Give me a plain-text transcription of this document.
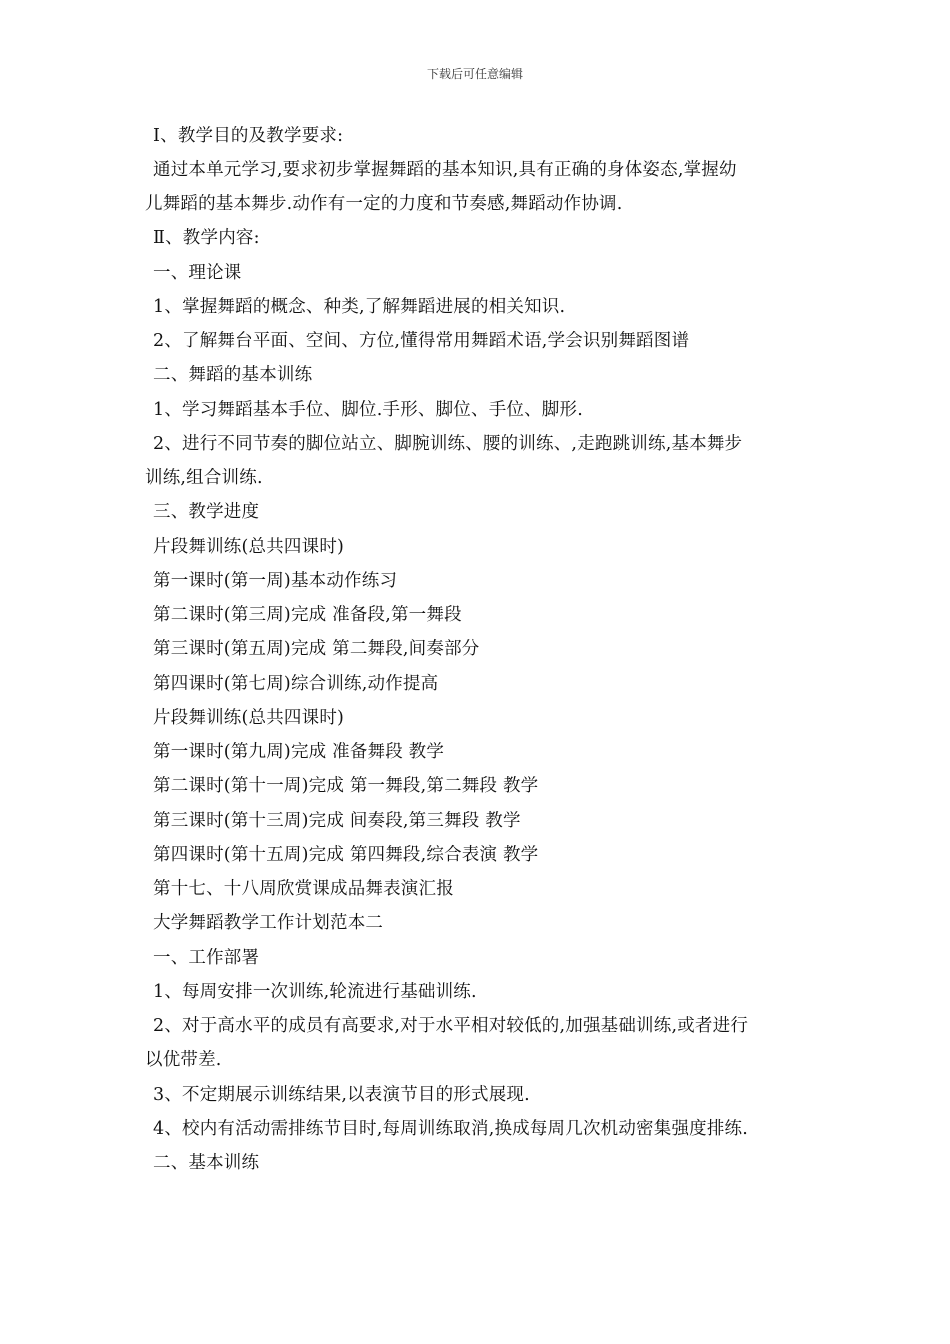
下载后可任意编辑
Ⅰ、教学目的及教学要求:
通过本单元学习,要求初步掌握舞蹈的基本知识,具有正确的身体姿态,掌握幼
儿舞蹈的基本舞步.动作有一定的力度和节奏感,舞蹈动作协调.
Ⅱ、教学内容:
一、理论课
1、掌握舞蹈的概念、种类,了解舞蹈进展的相关知识.
2、了解舞台平面、空间、方位,懂得常用舞蹈术语,学会识别舞蹈图谱
二、舞蹈的基本训练
1、学习舞蹈基本手位、脚位.手形、脚位、手位、脚形.
2、进行不同节奏的脚位站立、脚腕训练、腰的训练、,走跑跳训练,基本舞步
训练,组合训练.
三、教学进度
片段舞训练(总共四课时)
第一课时(第一周)基本动作练习
第二课时(第三周)完成 准备段,第一舞段
第三课时(第五周)完成 第二舞段,间奏部分
第四课时(第七周)综合训练,动作提高
片段舞训练(总共四课时)
第一课时(第九周)完成 准备舞段 教学
第二课时(第十一周)完成 第一舞段,第二舞段 教学
第三课时(第十三周)完成 间奏段,第三舞段 教学
第四课时(第十五周)完成 第四舞段,综合表演 教学
第十七、十八周欣赏课成品舞表演汇报
大学舞蹈教学工作计划范本二
一、工作部署
1、每周安排一次训练,轮流进行基础训练.
2、对于高水平的成员有高要求,对于水平相对较低的,加强基础训练,或者进行
以优带差.
3、不定期展示训练结果,以表演节目的形式展现.
4、校内有活动需排练节目时,每周训练取消,换成每周几次机动密集强度排练.
二、基本训练
